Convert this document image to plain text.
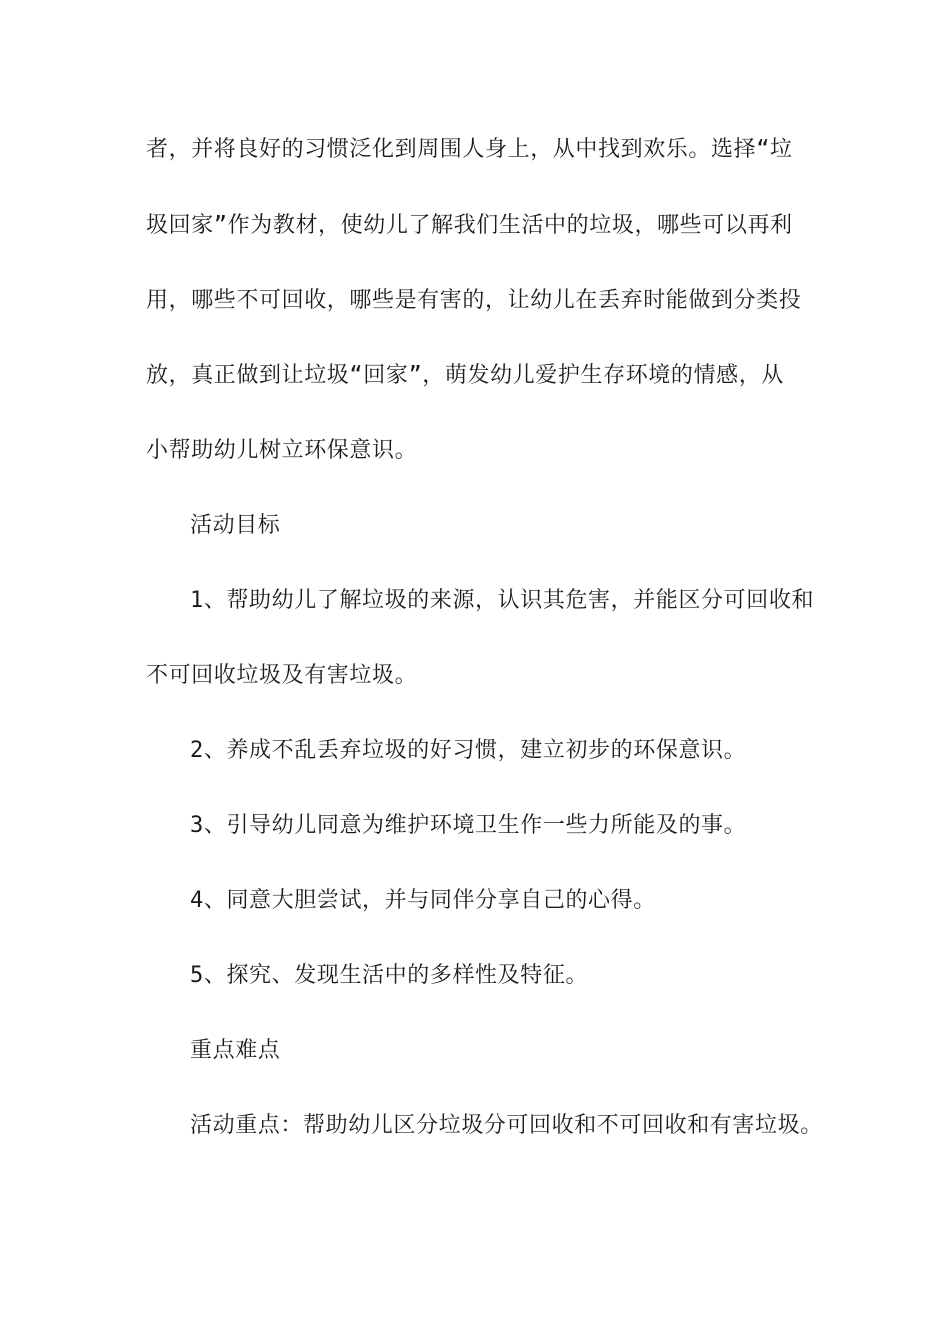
者，并将良好的习惯泛化到周围人身上，从中找到欢乐。选择“垃
圾回家”作为教材，使幼儿了解我们生活中的垃圾，哪些可以再利
用，哪些不可回收，哪些是有害的，让幼儿在丢弃时能做到分类投
放，真正做到让垃圾“回家”，萌发幼儿爱护生存环境的情感，从
小帮助幼儿树立环保意识。
活动目标
1、帮助幼儿了解垃圾的来源，认识其危害，并能区分可回收和
不可回收垃圾及有害垃圾。
2、养成不乱丢弃垃圾的好习惯，建立初步的环保意识。
3、引导幼儿同意为维护环境卫生作一些力所能及的事。
4、同意大胆尝试，并与同伴分享自己的心得。
5、探究、发现生活中的多样性及特征。
重点难点
活动重点：帮助幼儿区分垃圾分可回收和不可回收和有害垃圾。
